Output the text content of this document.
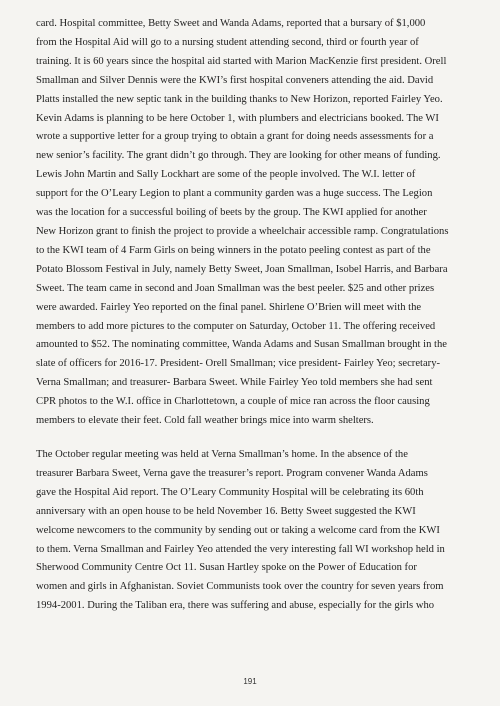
card. Hospital committee, Betty Sweet and Wanda Adams, reported that a bursary of $1,000
from the Hospital Aid will go to a nursing student attending second, third or fourth year of
training. It is 60 years since the hospital aid started with Marion MacKenzie first president. Orell
Smallman and Silver Dennis were the KWI’s first hospital conveners attending the aid. David
Platts installed the new septic tank in the building thanks to New Horizon, reported Fairley Yeo.
Kevin Adams is planning to be here October 1, with plumbers and electricians booked. The WI
wrote a supportive letter for a group trying to obtain a grant for doing needs assessments for a
new senior’s facility. The grant didn’t go through. They are looking for other means of funding.
Lewis John Martin and Sally Lockhart are some of the people involved. The W.I. letter of
support for the O’Leary Legion to plant a community garden was a huge success. The Legion
was the location for a successful boiling of beets by the group. The KWI applied for another
New Horizon grant to finish the project to provide a wheelchair accessible ramp. Congratulations
to the KWI team of 4 Farm Girls on being winners in the potato peeling contest as part of the
Potato Blossom Festival in July, namely Betty Sweet, Joan Smallman, Isobel Harris, and Barbara
Sweet. The team came in second and Joan Smallman was the best peeler. $25 and other prizes
were awarded. Fairley Yeo reported on the final panel. Shirlene O’Brien will meet with the
members to add more pictures to the computer on Saturday, October 11. The offering received
amounted to $52. The nominating committee, Wanda Adams and Susan Smallman brought in the
slate of officers for 2016-17. President- Orell Smallman; vice president- Fairley Yeo; secretary-
Verna Smallman; and treasurer- Barbara Sweet. While Fairley Yeo told members she had sent
CPR photos to the W.I. office in Charlottetown, a couple of mice ran across the floor causing
members to elevate their feet. Cold fall weather brings mice into warm shelters.
The October regular meeting was held at Verna Smallman’s home. In the absence of the
treasurer Barbara Sweet, Verna gave the treasurer’s report. Program convener Wanda Adams
gave the Hospital Aid report. The O’Leary Community Hospital will be celebrating its 60th
anniversary with an open house to be held November 16. Betty Sweet suggested the KWI
welcome newcomers to the community by sending out or taking a welcome card from the KWI
to them. Verna Smallman and Fairley Yeo attended the very interesting fall WI workshop held in
Sherwood Community Centre Oct 11. Susan Hartley spoke on the Power of Education for
women and girls in Afghanistan. Soviet Communists took over the country for seven years from
1994-2001. During the Taliban era, there was suffering and abuse, especially for the girls who
191
